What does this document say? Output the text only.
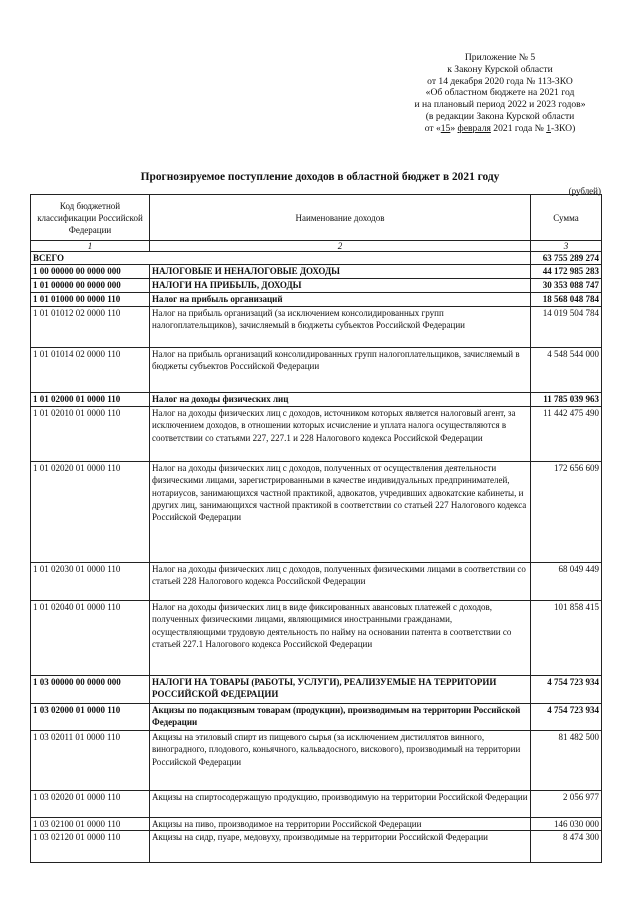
Приложение № 5
к Закону Курской области
от 14 декабря 2020 года № 113-ЗКО
«Об областном бюджете на 2021 год
и на плановый период 2022 и 2023 годов»
(в редакции Закона Курской области
от «15» февраля 2021 года № 1-ЗКО)
Прогнозируемое поступление доходов в областной бюджет в 2021 году
(рублей)
Код бюджетной классификации Российской Федерации	Наименование доходов	Сумма
1	2	3
ВСЕГО		63 755 289 274
1 00 00000 00 0000 000	НАЛОГОВЫЕ И НЕНАЛОГОВЫЕ ДОХОДЫ	44 172 985 283
1 01 00000 00 0000 000	НАЛОГИ НА ПРИБЫЛЬ, ДОХОДЫ	30 353 088 747
1 01 01000 00 0000 110	Налог на прибыль организаций	18 568 048 784
1 01 01012 02 0000 110	Налог на прибыль организаций (за исключением консолидированных групп налогоплательщиков), зачисляемый в бюджеты субъектов Российской Федерации	14 019 504 784
1 01 01014 02 0000 110	Налог на прибыль организаций консолидированных групп налогоплательщиков, зачисляемый в бюджеты субъектов Российской Федерации	4 548 544 000
1 01 02000 01 0000 110	Налог на доходы физических лиц	11 785 039 963
1 01 02010 01 0000 110	Налог на доходы физических лиц с доходов, источником которых является налоговый агент, за исключением доходов, в отношении которых исчисление и уплата налога осуществляются в соответствии со статьями 227, 227.1 и 228 Налогового кодекса Российской Федерации	11 442 475 490
1 01 02020 01 0000 110	Налог на доходы физических лиц с доходов, полученных от осуществления деятельности физическими лицами, зарегистрированными в качестве индивидуальных предпринимателей, нотариусов, занимающихся частной практикой, адвокатов, учредивших адвокатские кабинеты, и других лиц, занимающихся частной практикой в соответствии со статьей 227 Налогового кодекса Российской Федерации	172 656 609
1 01 02030 01 0000 110	Налог на доходы физических лиц с доходов, полученных физическими лицами в соответствии со статьей 228 Налогового кодекса Российской Федерации	68 049 449
1 01 02040 01 0000 110	Налог на доходы физических лиц в виде фиксированных авансовых платежей с доходов, полученных физическими лицами, являющимися иностранными гражданами, осуществляющими трудовую деятельность по найму на основании патента в соответствии со статьей 227.1 Налогового кодекса Российской Федерации	101 858 415
1 03 00000 00 0000 000	НАЛОГИ НА ТОВАРЫ (РАБОТЫ, УСЛУГИ), РЕАЛИЗУЕМЫЕ НА ТЕРРИТОРИИ РОССИЙСКОЙ ФЕДЕРАЦИИ	4 754 723 934
1 03 02000 01 0000 110	Акцизы по подакцизным товарам (продукции), производимым на территории Российской Федерации	4 754 723 934
1 03 02011 01 0000 110	Акцизы на этиловый спирт из пищевого сырья (за исключением дистиллятов винного, виноградного, плодового, коньячного, кальвадосного, вискового), производимый на территории Российской Федерации	81 482 500
1 03 02020 01 0000 110	Акцизы на спиртосодержащую продукцию, производимую на территории Российской Федерации	2 056 977
1 03 02100 01 0000 110	Акцизы на пиво, производимое на территории Российской Федерации	146 030 000
1 03 02120 01 0000 110	Акцизы на сидр, пуаре, медовуху, производимые на территории Российской Федерации	8 474 300
